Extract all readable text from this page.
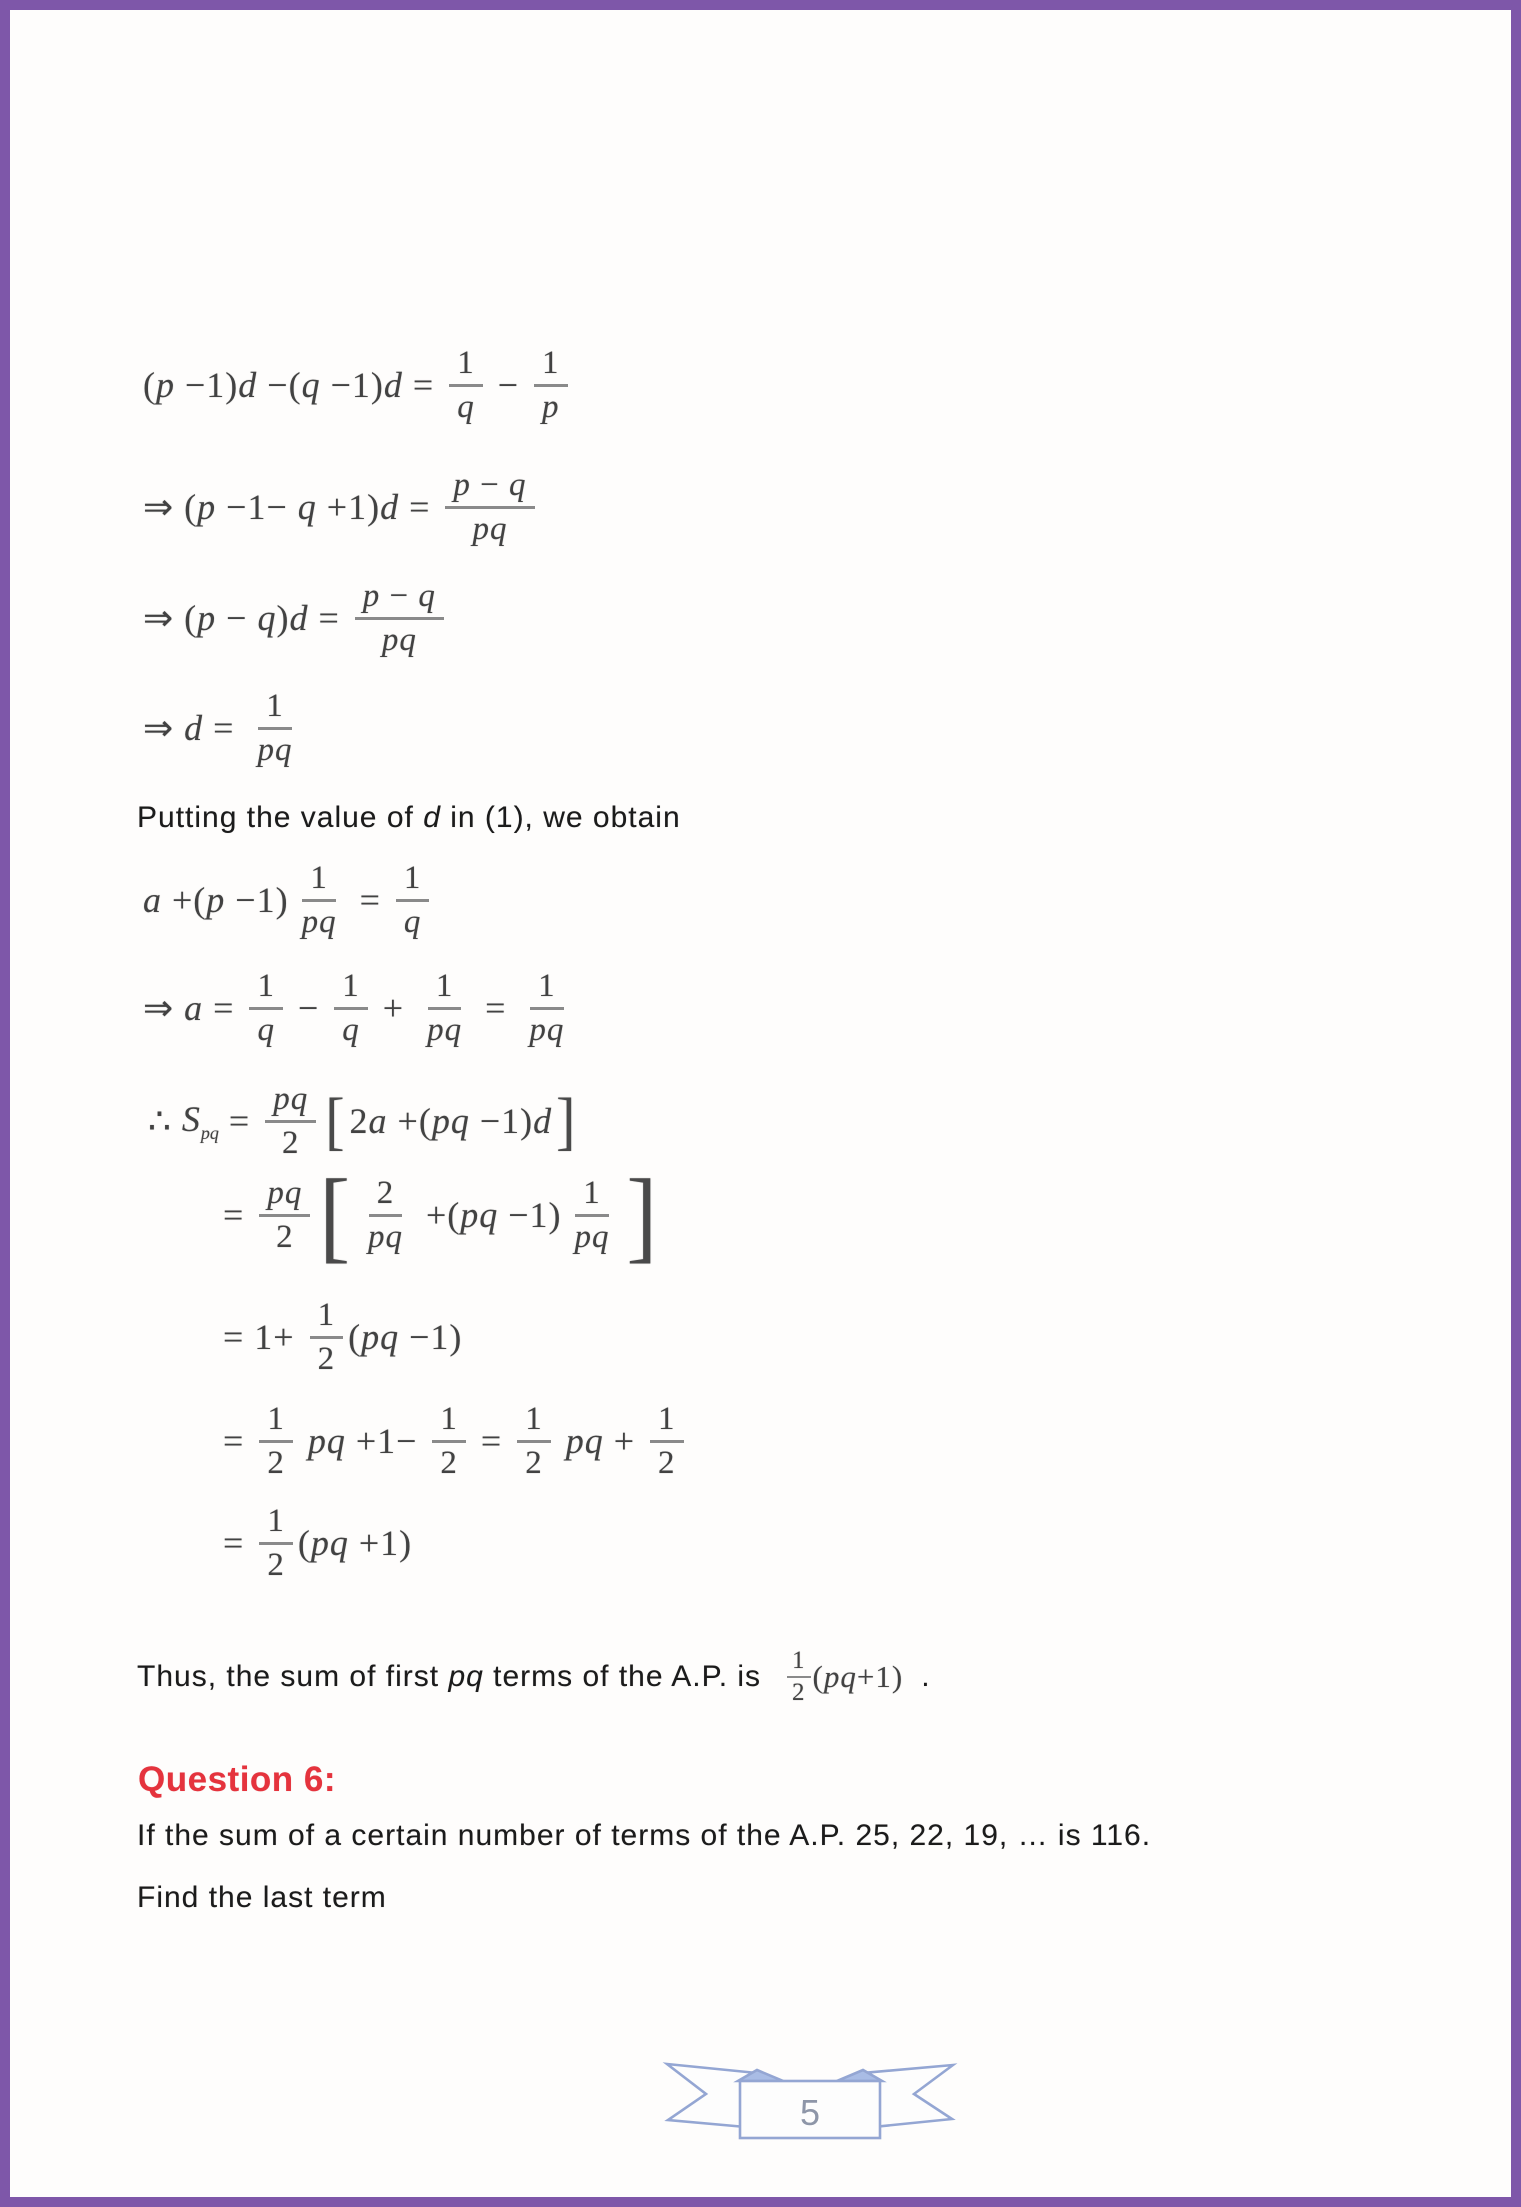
( p −1) d −( q −1) $d = \frac{1}{q} - \frac{1}{p}$
⇒ ( p −1− q +1) $d = \frac{p - q}{pq}$
⇒ ( p − q ) $d = \frac{p - q}{pq}$
⇒ $d = \frac{1}{pq}$
Putting the value of d in (1), we obtain
a +( $p -1) \frac{1}{pq} = \frac{1}{q}$
⇒ $a = \frac{1}{q} - \frac{1}{q} + \frac{1}{pq} = \frac{1}{pq}$
∴ $S_{pq} = \frac{pq}{2}$ [ 2 a +( pq −1) d ]
= $\frac{pq}{2}$ [ $\frac{2}{pq}$ +( pq $-1) \frac{1}{pq}$ ]
= $1+ \frac{1}{2}$ ( pq −1)
= $\frac{1}{2}$
pq $+1- \frac{1}{2} = \frac{1}{2}$
pq + $\frac{1}{2}$
= $\frac{1}{2}$ ( pq +1)
Thus, the sum of first pq terms of the A.P. is $\frac{1}{2}$ ( pq +1) .
Question 6:
If the sum of a certain number of terms of the A.P. 25, 22, 19, … is 116.
Find the last term
5
